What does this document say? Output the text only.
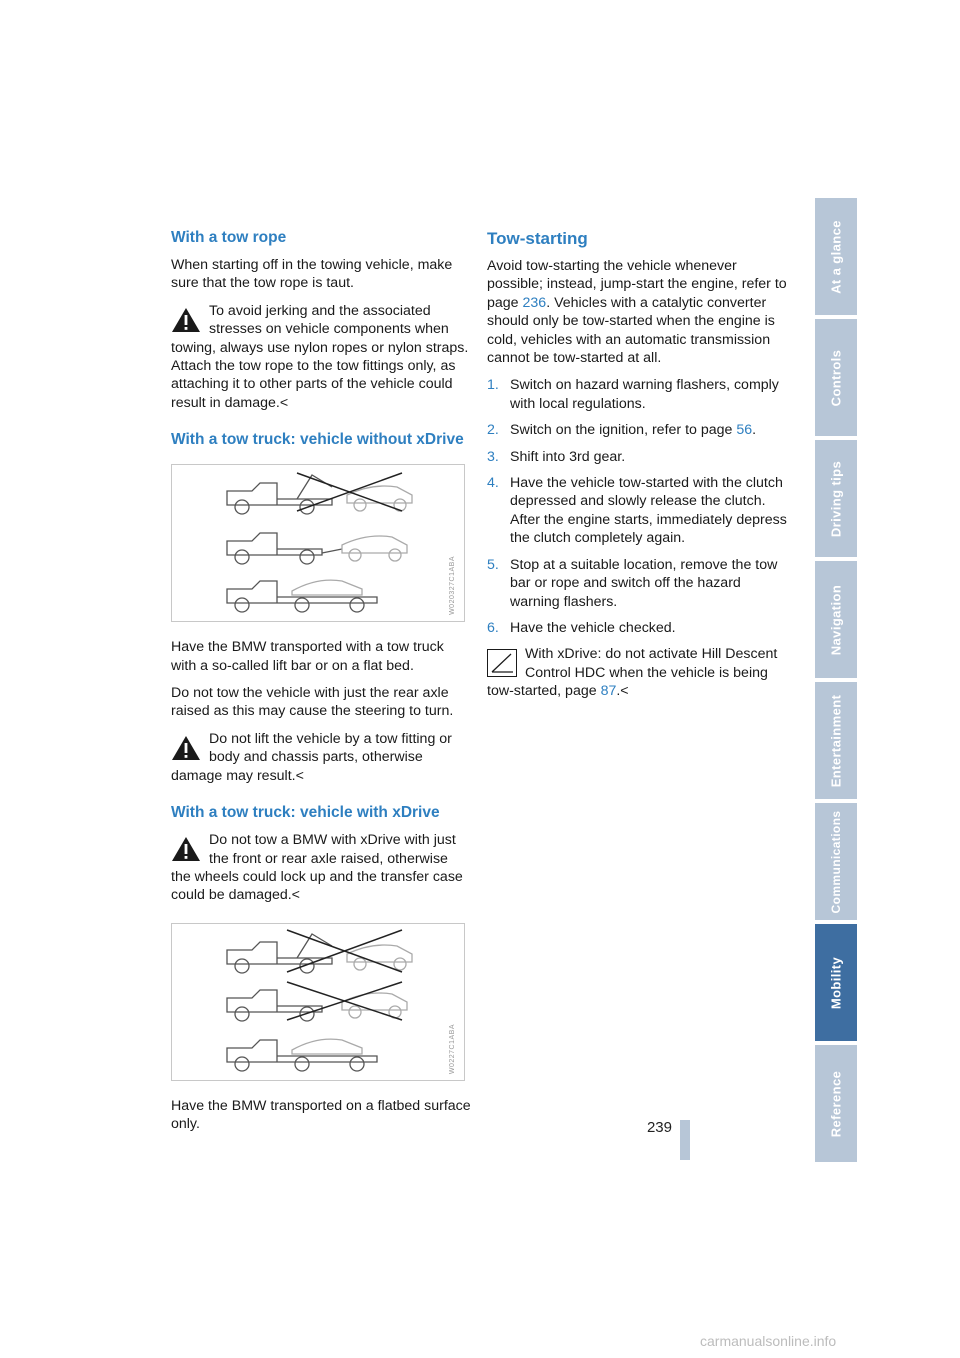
With a tow rope

When starting off in the towing vehicle, make sure that the tow rope is taut.

To avoid jerking and the associated stresses on vehicle components when towing, always use nylon ropes or nylon straps. Attach the tow rope to the tow fittings only, as attaching it to other parts of the vehicle could result in damage.<
With a tow truck: vehicle without xDrive
W020327C1ABA

Have the BMW transported with a tow truck with a so-called lift bar or on a flat bed.

Do not tow the vehicle with just the rear axle raised as this may cause the steering to turn.

Do not lift the vehicle by a tow fitting or body and chassis parts, otherwise damage may result.<
With a tow truck: vehicle with xDrive
Do not tow a BMW with xDrive with just the front or rear axle raised, otherwise the wheels could lock up and the transfer case could be damaged.<
W0227C1ABA

Have the BMW transported on a flatbed surface only.

Tow-starting

Avoid tow-starting the vehicle whenever possible; instead, jump-start the engine, refer to page 236. Vehicles with a catalytic converter should only be tow-started when the engine is cold, vehicles with an automatic transmission cannot be tow-started at all.

1. Switch on hazard warning flashers, comply with local regulations.
2. Switch on the ignition, refer to page 56.
3. Shift into 3rd gear.
4. Have the vehicle tow-started with the clutch depressed and slowly release the clutch. After the engine starts, immediately depress the clutch completely again.
5. Stop at a suitable location, remove the tow bar or rope and switch off the hazard warning flashers.
6. Have the vehicle checked.
With xDrive: do not activate Hill Descent Control HDC when the vehicle is being tow-started, page 87.<
At a glance
Controls
Driving tips
Navigation
Entertainment
Communications
Mobility
Reference
239
carmanualsonline.info
